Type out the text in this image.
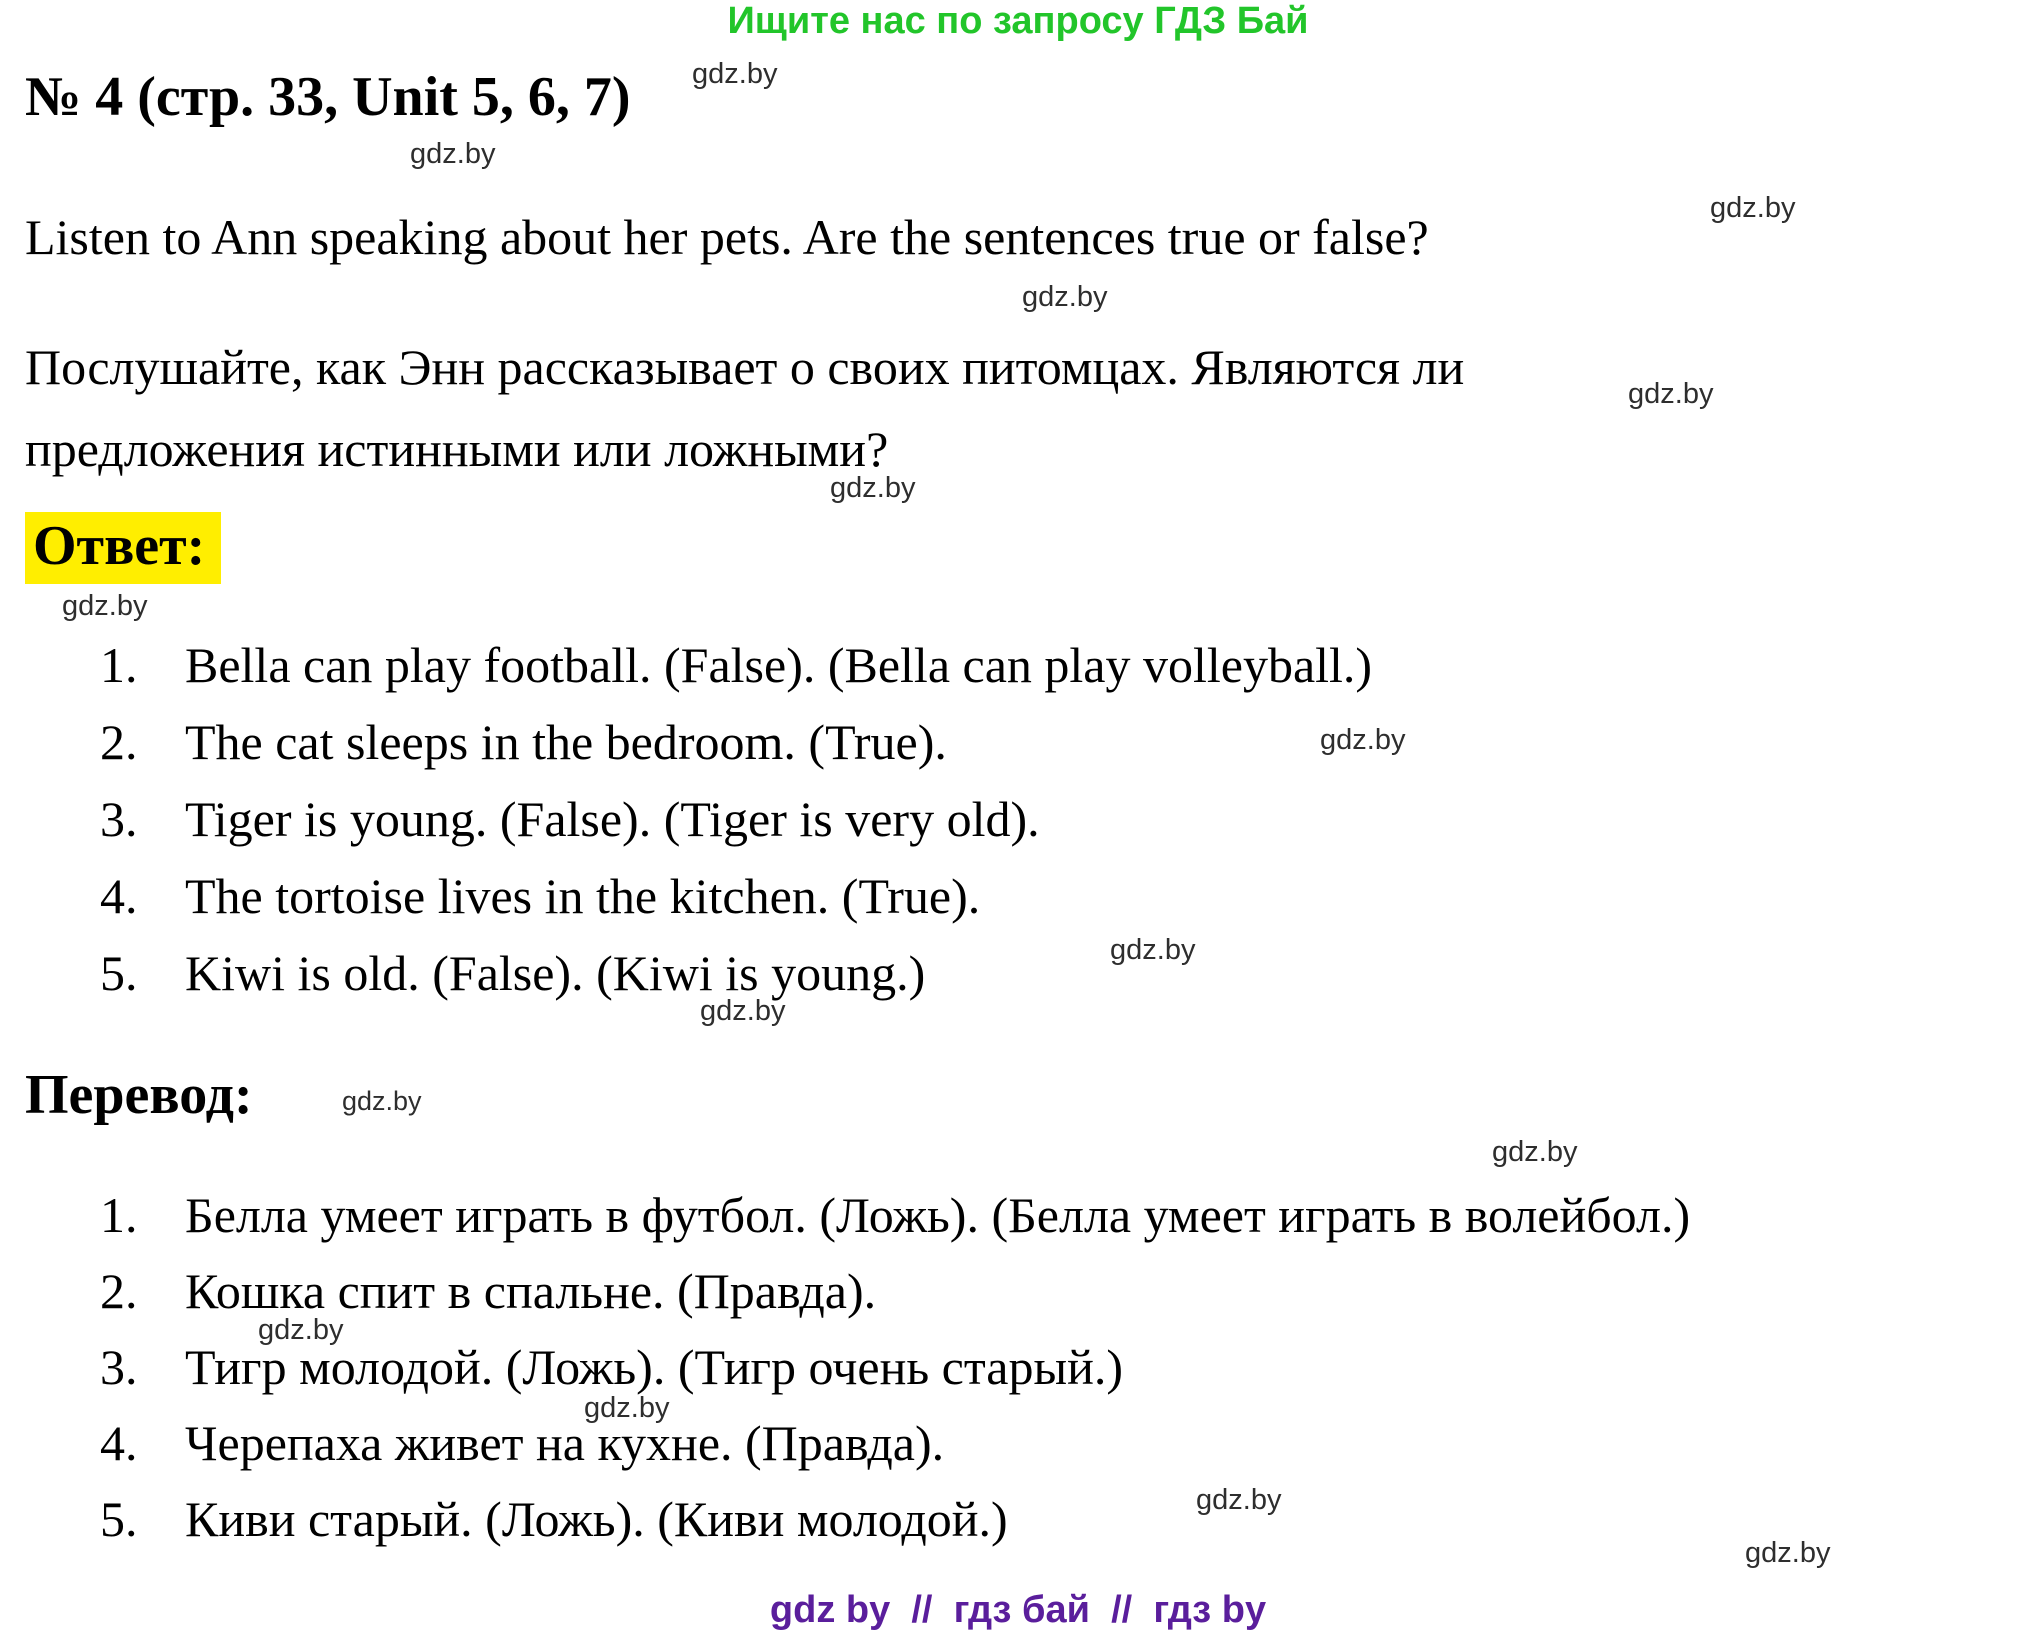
Ищите нас по запросу ГДЗ Бай
№ 4 (стр. 33, Unit 5, 6, 7)
Listen to Ann speaking about her pets. Are the sentences true or false?
Послушайте, как Энн рассказывает о своих питомцах. Являются ли
предложения истинными или ложными?
Ответ:
1. Bella can play football. (False). (Bella can play volleyball.)
2. The cat sleeps in the bedroom. (True).
3. Tiger is young. (False). (Tiger is very old).
4. The tortoise lives in the kitchen. (True).
5. Kiwi is old. (False). (Kiwi is young.)
Перевод:
1. Белла умеет играть в футбол. (Ложь). (Белла умеет играть в волейбол.)
2. Кошка спит в спальне. (Правда).
3. Тигр молодой. (Ложь). (Тигр очень старый.)
4. Черепаха живет на кухне. (Правда).
5. Киви старый. (Ложь). (Киви молодой.)
gdz.by
gdz.by
gdz.by
gdz.by
gdz.by
gdz.by
gdz.by
gdz.by
gdz.by
gdz.by
gdz.by
gdz.by
gdz.by
gdz.by
gdz.by
gdz.by
gdz by  //  гдз бай  //  гдз by
